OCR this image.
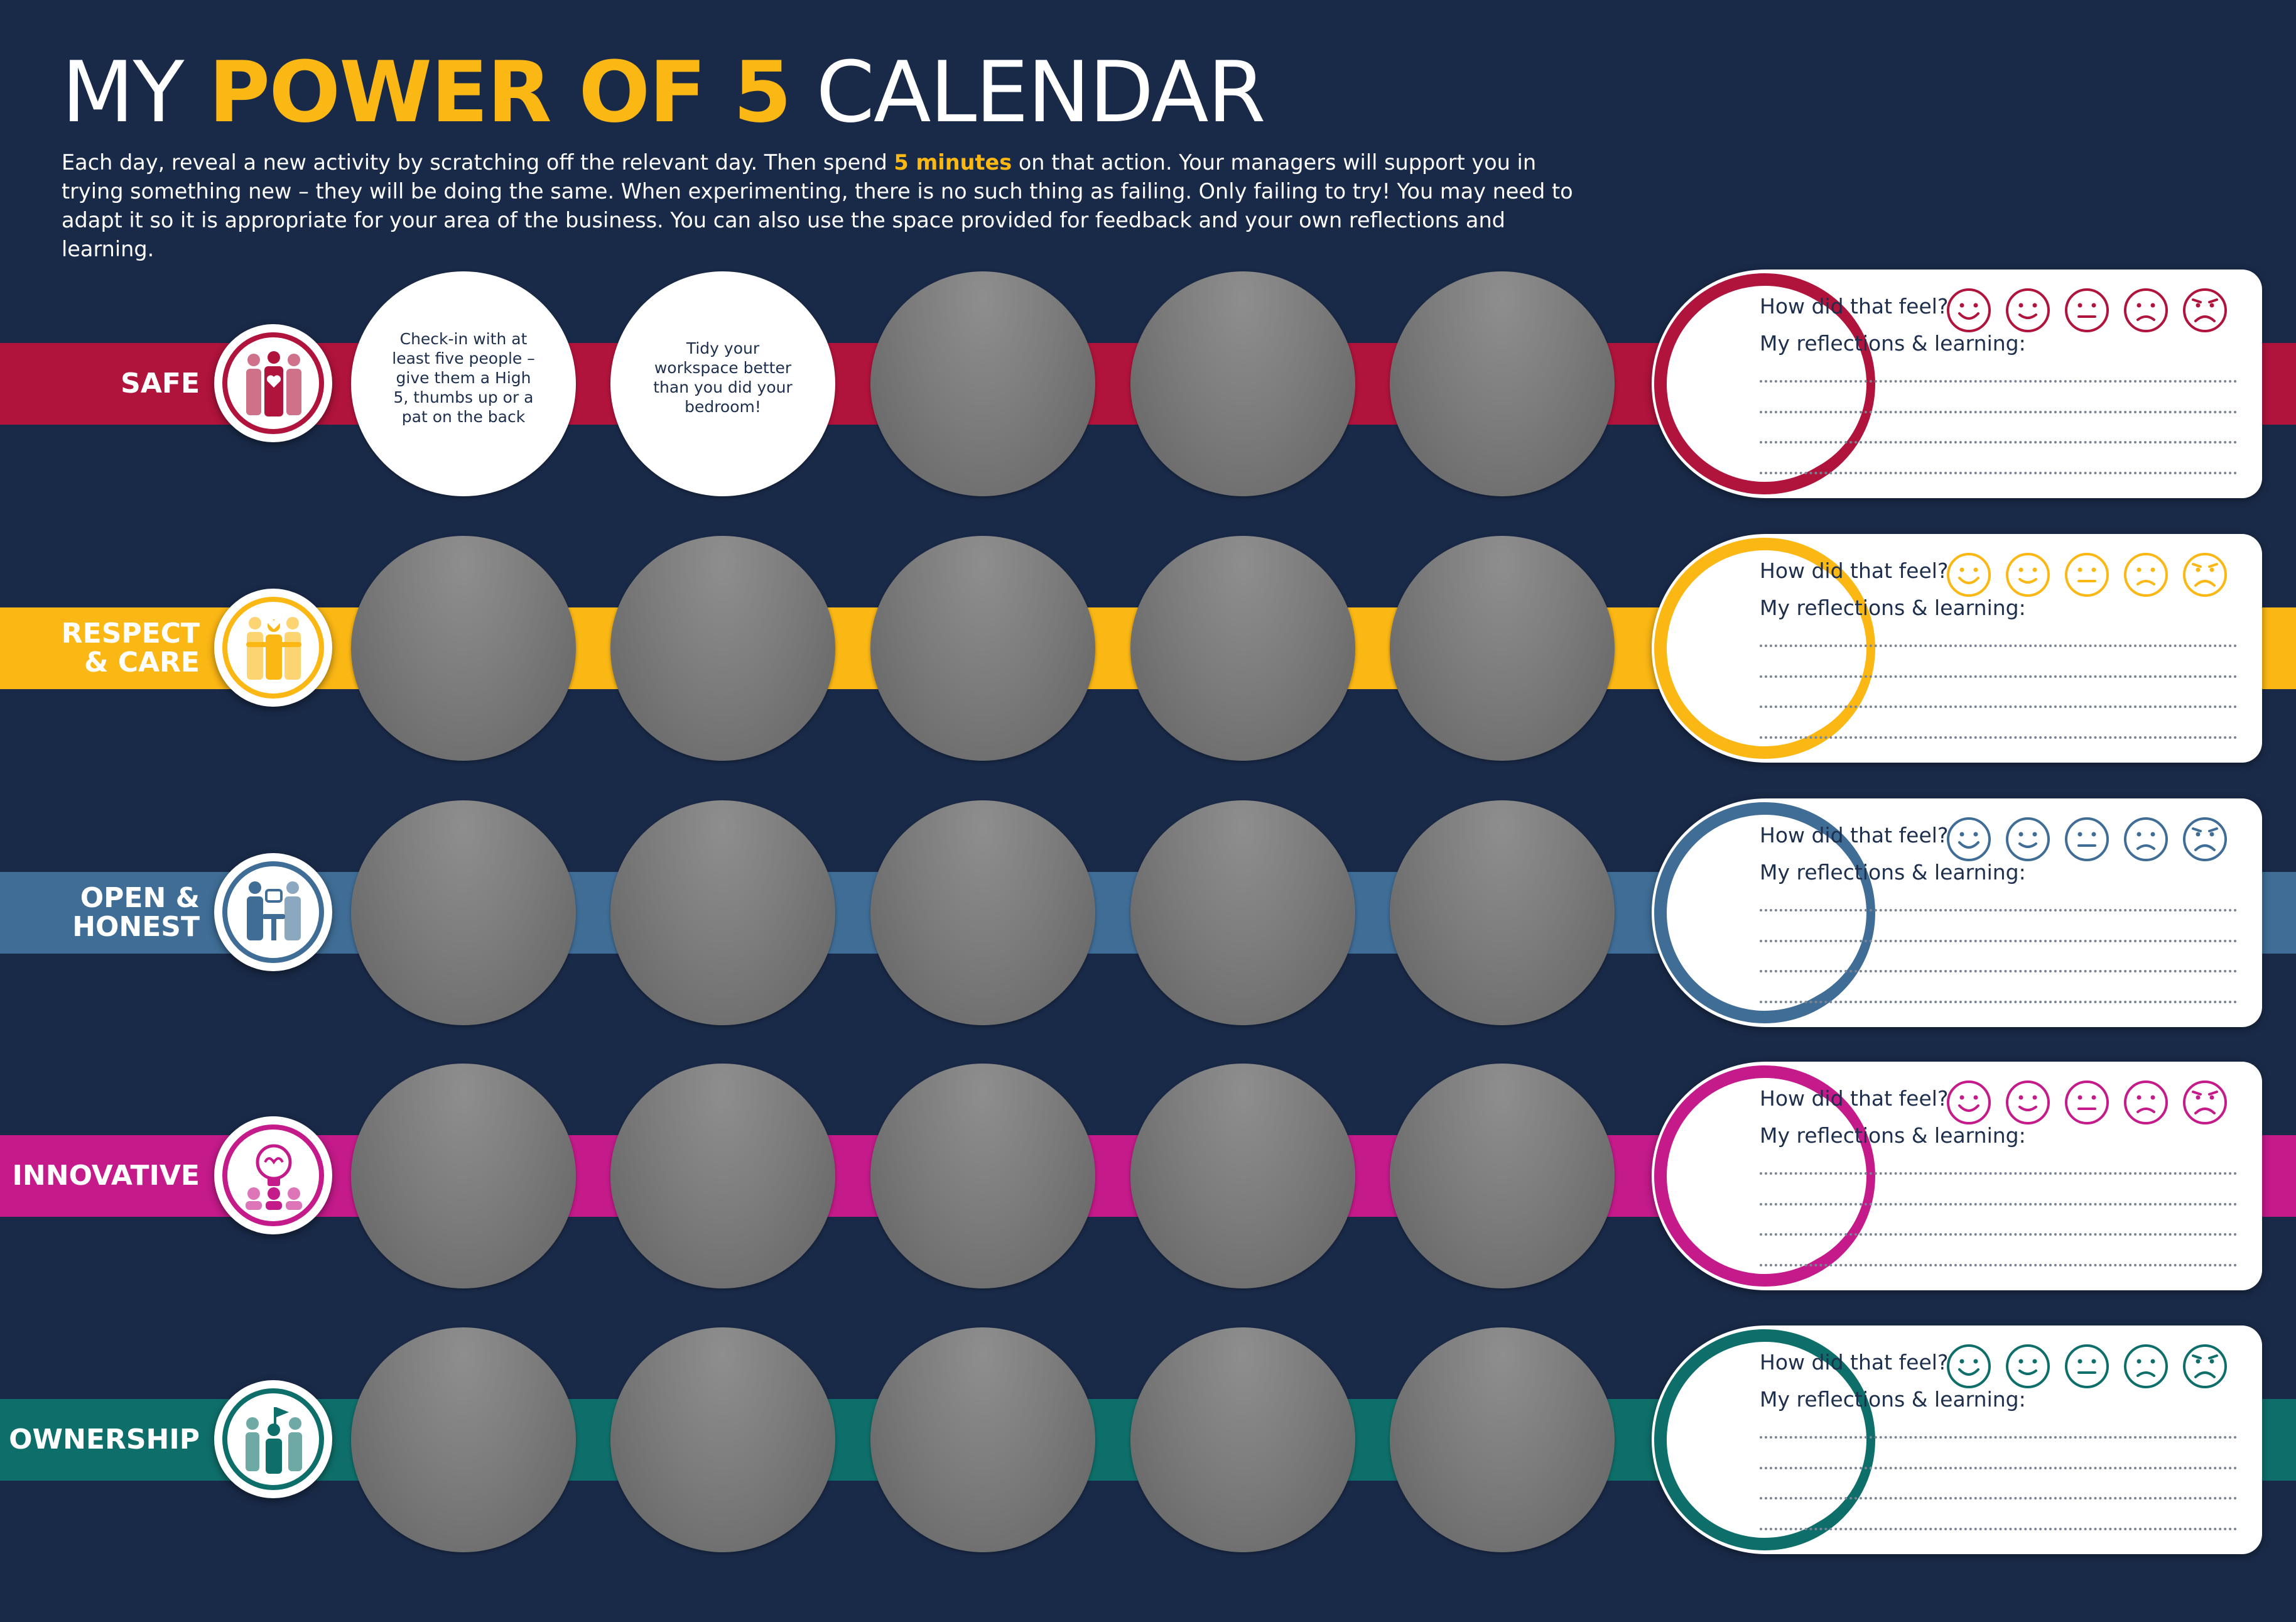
MY POWER OF 5 CALENDAR

Each day, reveal a new activity by scratching off the relevant day. Then spend 5 minutes on that action. Your managers will support you in trying something new – they will be doing the same. When experimenting, there is no such thing as failing. Only failing to try! You may need to adapt it so it is appropriate for your area of the business. You can also use the space provided for feedback and your own reflections and learning.

SAFE
Check-in with at least five people – give them a High 5, thumbs up or a pat on the back
Tidy your workspace better than you did your bedroom!
How did that feel?
My reflections & learning:
RESPECT
& CARE
How did that feel?
My reflections & learning:
OPEN &
HONEST
How did that feel?
My reflections & learning:
INNOVATIVE
How did that feel?
My reflections & learning:
OWNERSHIP
How did that feel?
My reflections & learning:
